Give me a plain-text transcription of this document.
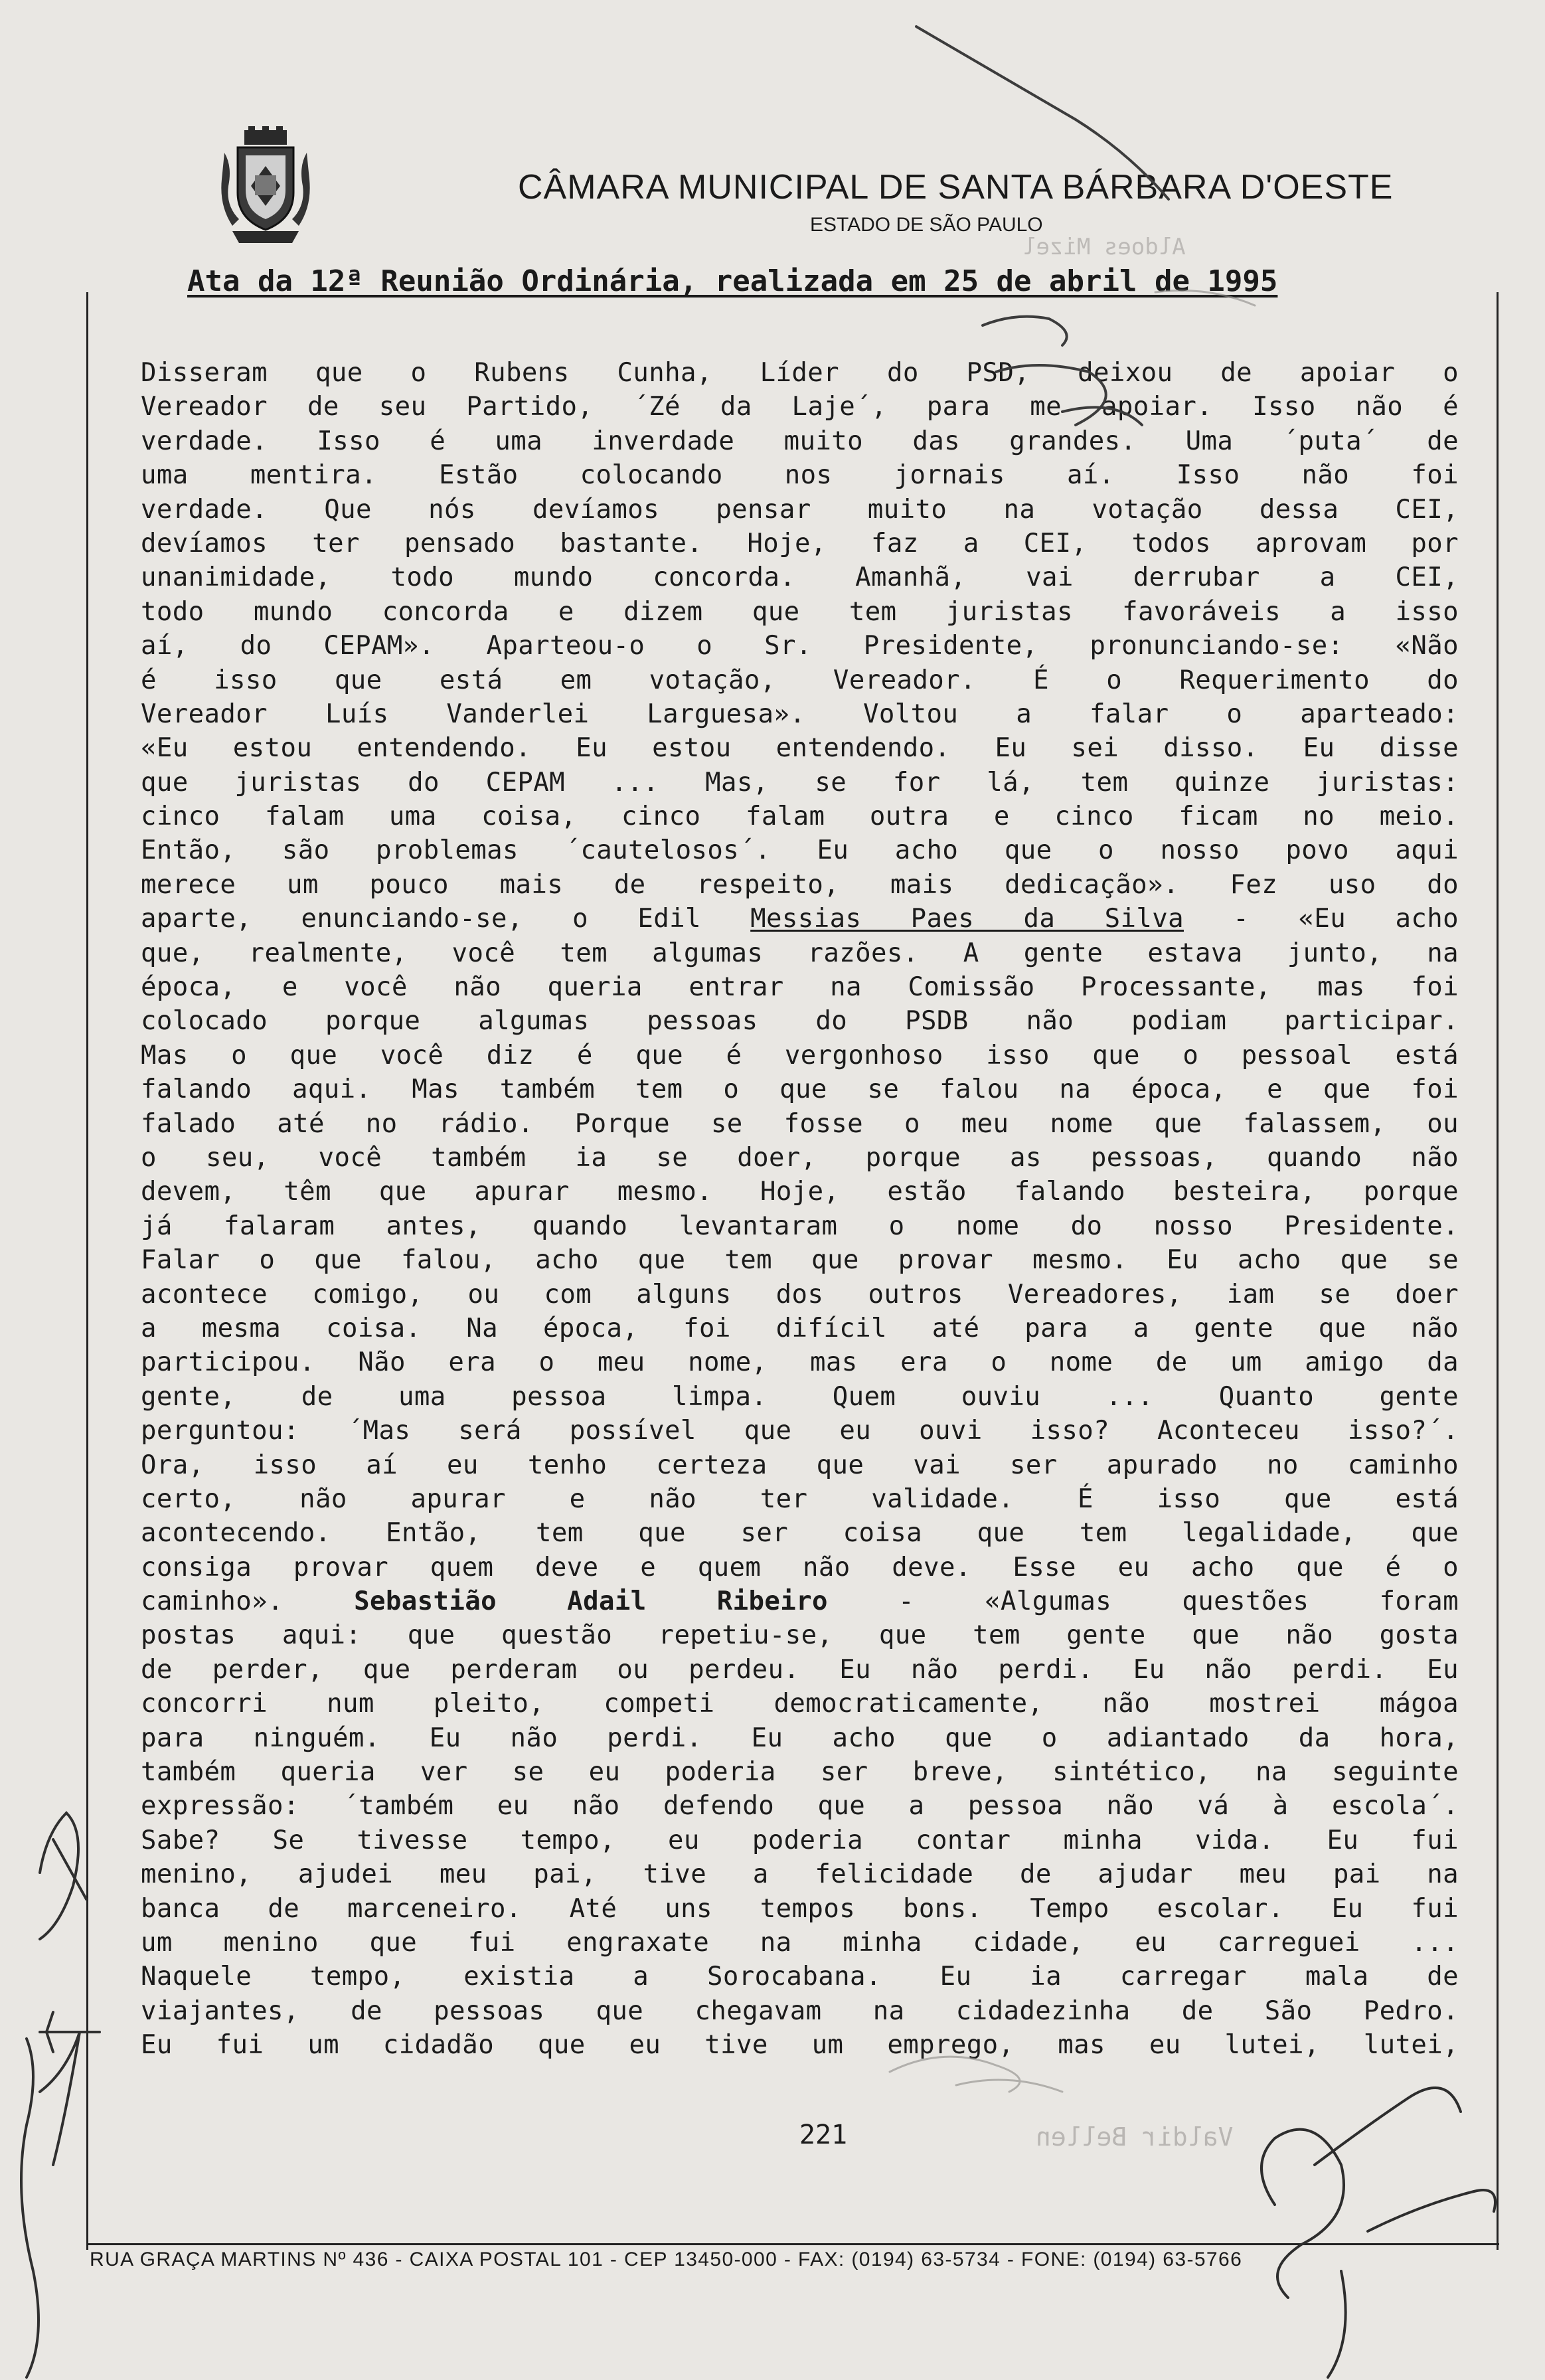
CÂMARA MUNICIPAL DE SANTA BÁRBARA D'OESTE
ESTADO DE SÃO PAULO
Ata da 12ª Reunião Ordinária, realizada em 25 de abril de 1995
Disseram que o Rubens Cunha, Líder do PSD, deixou de apoiar o
Vereador de seu Partido, ´Zé da Laje´, para me apoiar. Isso não é
verdade. Isso é uma inverdade muito das grandes. Uma ´puta´ de
uma mentira. Estão colocando nos jornais aí. Isso não foi
verdade. Que nós devíamos pensar muito na votação dessa CEI,
devíamos ter pensado bastante. Hoje, faz a CEI, todos aprovam por
unanimidade, todo mundo concorda. Amanhã, vai derrubar a CEI,
todo mundo concorda e dizem que tem juristas favoráveis a isso
aí, do CEPAM». Aparteou-o o Sr. Presidente, pronunciando-se: «Não
é isso que está em votação, Vereador. É o Requerimento do
Vereador Luís Vanderlei Larguesa». Voltou a falar o aparteado:
«Eu estou entendendo. Eu estou entendendo. Eu sei disso. Eu disse
que juristas do CEPAM ... Mas, se for lá, tem quinze juristas:
cinco falam uma coisa, cinco falam outra e cinco ficam no meio.
Então, são problemas ´cautelosos´. Eu acho que o nosso povo aqui
merece um pouco mais de respeito, mais dedicação». Fez uso do
aparte, enunciando-se, o Edil Messias Paes da Silva - «Eu acho
que, realmente, você tem algumas razões. A gente estava junto, na
época, e você não queria entrar na Comissão Processante, mas foi
colocado porque algumas pessoas do PSDB não podiam participar.
Mas o que você diz é que é vergonhoso isso que o pessoal está
falando aqui. Mas também tem o que se falou na época, e que foi
falado até no rádio. Porque se fosse o meu nome que falassem, ou
o seu, você também ia se doer, porque as pessoas, quando não
devem, têm que apurar mesmo. Hoje, estão falando besteira, porque
já falaram antes, quando levantaram o nome do nosso Presidente.
Falar o que falou, acho que tem que provar mesmo. Eu acho que se
acontece comigo, ou com alguns dos outros Vereadores, iam se doer
a mesma coisa. Na época, foi difícil até para a gente que não
participou. Não era o meu nome, mas era o nome de um amigo da
gente, de uma pessoa limpa. Quem ouviu ... Quanto gente
perguntou: ´Mas será possível que eu ouvi isso? Aconteceu isso?´.
Ora, isso aí eu tenho certeza que vai ser apurado no caminho
certo, não apurar e não ter validade. É isso que está
acontecendo. Então, tem que ser coisa que tem legalidade, que
consiga provar quem deve e quem não deve. Esse eu acho que é o
caminho». Sebastião Adail Ribeiro - «Algumas questões foram
postas aqui: que questão repetiu-se, que tem gente que não gosta
de perder, que perderam ou perdeu. Eu não perdi. Eu não perdi. Eu
concorri num pleito, competi democraticamente, não mostrei mágoa
para ninguém. Eu não perdi. Eu acho que o adiantado da hora,
também queria ver se eu poderia ser breve, sintético, na seguinte
expressão: ´também eu não defendo que a pessoa não vá à escola´.
Sabe? Se tivesse tempo, eu poderia contar minha vida. Eu fui
menino, ajudei meu pai, tive a felicidade de ajudar meu pai na
banca de marceneiro. Até uns tempos bons. Tempo escolar. Eu fui
um menino que fui engraxate na minha cidade, eu carreguei ...
Naquele tempo, existia a Sorocabana. Eu ia carregar mala de
viajantes, de pessoas que chegavam na cidadezinha de São Pedro.
Eu fui um cidadão que eu tive um emprego, mas eu lutei, lutei,
221
RUA GRAÇA MARTINS Nº 436 - CAIXA POSTAL 101 - CEP 13450-000 - FAX: (0194) 63-5734 - FONE: (0194) 63-5766
Aldoes Mizel
Valdir Bellen
